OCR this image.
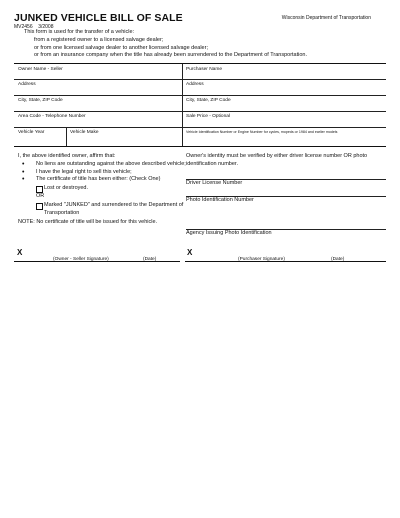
JUNKED VEHICLE BILL OF SALE
MV2456 3/2008
Wisconsin Department of Transportation
This form is used for the transfer of a vehicle:
from a registered owner to a licensed salvage dealer;
or from one licensed salvage dealer to another licensed salvage dealer;
or from an insurance company when the title has already been surrendered to the Department of Transportation.
Owner Name - Seller	Purchaser Name
Address	Address
City, State, ZIP Code	City, State, ZIP Code
Area Code - Telephone Number	Sale Price - Optional
Vehicle Year	Vehicle Make	Vehicle Identification Number or Engine Number for cycles, mopeds or 1984 and earlier models
I, the above identified owner, affirm that:
• No liens are outstanding against the above described vehicle;
• I have the legal right to sell this vehicle;
• The certificate of title has been either: (Check One)
Lost or destroyed.
OR
Marked "JUNKED" and surrendered to the Department of Transportation
NOTE: No certificate of title will be issued for this vehicle.
Owner's identity must be verified by either driver license number OR photo identification number.
Driver License Number
Photo Identification Number
Agency Issuing Photo Identification
X
(Owner - Seller Signature)	(Date)
X
(Purchaser Signature)	(Date)
